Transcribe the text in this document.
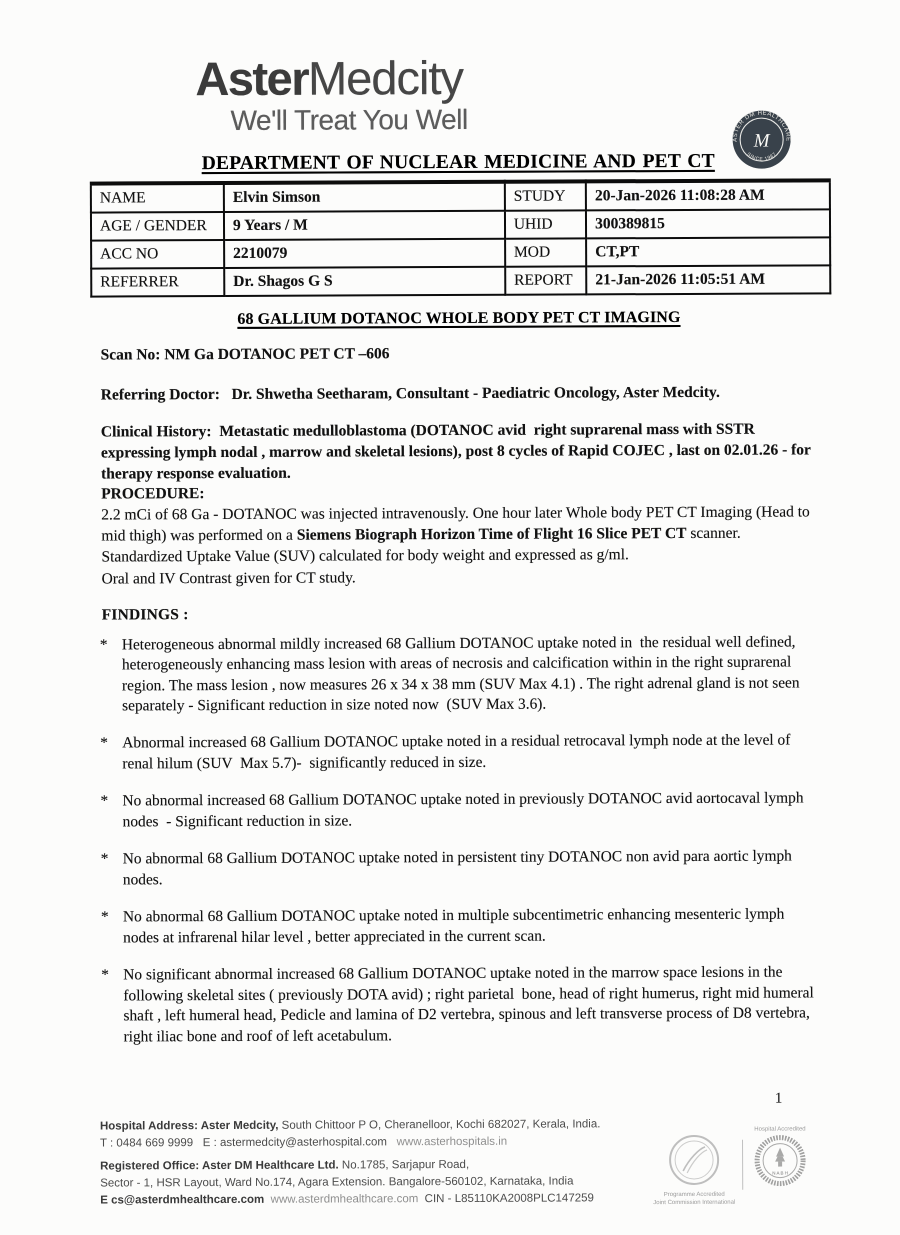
ASTER DM HEALTHCARE
SINCE 1987
M
AsterMedcity
We'll Treat You Well
DEPARTMENT OF NUCLEAR MEDICINE AND PET CT
NAME	Elvin Simson	STUDY	20-Jan-2026 11:08:28 AM
AGE / GENDER	9 Years / M	UHID	300389815
ACC NO	2210079	MOD	CT,PT
REFERRER	Dr. Shagos G S	REPORT	21-Jan-2026 11:05:51 AM
68 GALLIUM DOTANOC WHOLE BODY PET CT IMAGING

Scan No: NM Ga DOTANOC PET CT –606

Referring Doctor:   Dr. Shwetha Seetharam, Consultant - Paediatric Oncology, Aster Medcity.

Clinical History:  Metastatic medulloblastoma (DOTANOC avid  right suprarenal mass with SSTR expressing lymph nodal , marrow and skeletal lesions), post 8 cycles of Rapid COJEC , last on 02.01.26 - for therapy response evaluation.

PROCEDURE:
2.2 mCi of 68 Ga - DOTANOC was injected intravenously. One hour later Whole body PET CT Imaging (Head to mid thigh) was performed on a Siemens Biograph Horizon Time of Flight 16 Slice PET CT scanner. Standardized Uptake Value (SUV) calculated for body weight and expressed as g/ml.
Oral and IV Contrast given for CT study.
FINDINGS :
* Heterogeneous abnormal mildly increased 68 Gallium DOTANOC uptake noted in  the residual well defined, heterogeneously enhancing mass lesion with areas of necrosis and calcification within in the right suprarenal region. The mass lesion , now measures 26 x 34 x 38 mm (SUV Max 4.1) . The right adrenal gland is not seen separately - Significant reduction in size noted now  (SUV Max 3.6).
* Abnormal increased 68 Gallium DOTANOC uptake noted in a residual retrocaval lymph node at the level of renal hilum (SUV  Max 5.7)-  significantly reduced in size.
* No abnormal increased 68 Gallium DOTANOC uptake noted in previously DOTANOC avid aortocaval lymph nodes  - Significant reduction in size.
* No abnormal 68 Gallium DOTANOC uptake noted in persistent tiny DOTANOC non avid para aortic lymph nodes.
* No abnormal 68 Gallium DOTANOC uptake noted in multiple subcentimetric enhancing mesenteric lymph nodes at infrarenal hilar level , better appreciated in the current scan.
* No significant abnormal increased 68 Gallium DOTANOC uptake noted in the marrow space lesions in the following skeletal sites ( previously DOTA avid) ; right parietal  bone, head of right humerus, right mid humeral shaft , left humeral head, Pedicle and lamina of D2 vertebra, spinous and left transverse process of D8 vertebra, right iliac bone and roof of left acetabulum.
1
Hospital Address: Aster Medcity, South Chittoor P O, Cheranelloor, Kochi 682027, Kerala, India.
T : 0484 669 9999   E : astermedcity@asterhospital.com   www.asterhospitals.in
Registered Office: Aster DM Healthcare Ltd. No.1785, Sarjapur Road,
Sector - 1, HSR Layout, Ward No.174, Agara Extension. Bangalore-560102, Karnataka, India
E cs@asterdmhealthcare.com  www.asterdmhealthcare.com  CIN - L85110KA2008PLC147259	Programme Accredited
Joint Commission International
Hospital Accredited
N A B H
